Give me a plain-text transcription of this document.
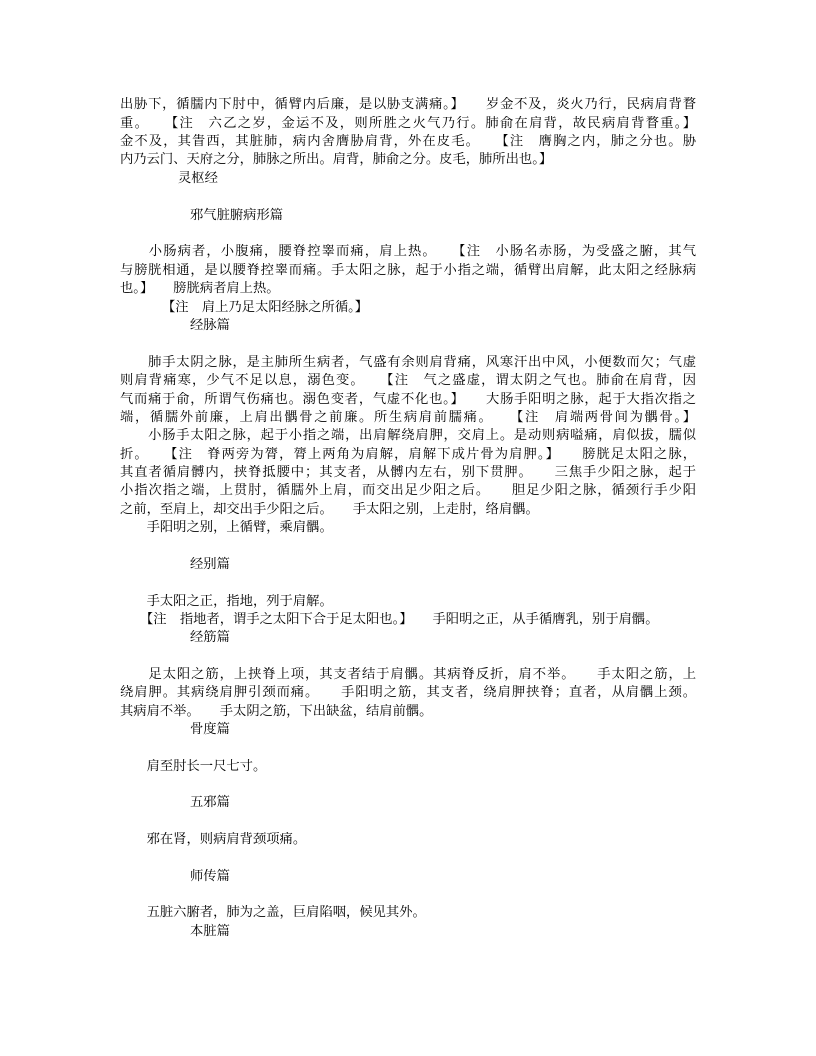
出胁下，循臑内下肘中，循臂内后廉，是以胁支满痛。】　　岁金不及，炎火乃行，民病肩背瞀
重。　　【注　六乙之岁，金运不及，则所胜之火气乃行。肺俞在肩背，故民病肩背瞀重。】
金不及，其眚西，其脏肺，病内舍膺胁肩背，外在皮毛。　　【注　膺胸之内，肺之分也。胁
内乃云门、天府之分，肺脉之所出。肩背，肺俞之分。皮毛，肺所出也。】
灵枢经
邪气脏腑病形篇
　　小肠病者，小腹痛，腰脊控睾而痛，肩上热。　　【注　小肠名赤肠，为受盛之腑，其气
与膀胱相通，是以腰脊控睾而痛。手太阳之脉，起于小指之端，循臂出肩解，此太阳之经脉病
也。】　　膀胱病者肩上热。
【注　肩上乃足太阳经脉之所循。】
经脉篇
　　肺手太阴之脉，是主肺所生病者，气盛有余则肩背痛，风寒汗出中风，小便数而欠；气虚
则肩背痛寒，少气不足以息，溺色变。　　【注　气之盛虚，谓太阴之气也。肺俞在肩背，因
气而痛于俞，所谓气伤痛也。溺色变者，气虚不化也。】　　大肠手阳明之脉，起于大指次指之
端，循臑外前廉，上肩出髃骨之前廉。所生病肩前臑痛。　　【注　肩端两骨间为髃骨。】
　　小肠手太阳之脉，起于小指之端，出肩解绕肩胛，交肩上。是动则病嗌痛，肩似拔，臑似
折。　　【注　脊两旁为膂，膂上两角为肩解，肩解下成片骨为肩胛。】　　膀胱足太阳之脉，
其直者循肩髆内，挟脊抵腰中；其支者，从髆内左右，别下贯胛。　　三焦手少阳之脉，起于
小指次指之端，上贯肘，循臑外上肩，而交出足少阳之后。　　胆足少阳之脉，循颈行手少阳
之前，至肩上，却交出手少阳之后。　　手太阳之别，上走肘，络肩髃。
　　手阳明之别，上循臂，乘肩髃。
经别篇
　　手太阳之正，指地，列于肩解。
　　【注　指地者，谓手之太阳下合于足太阳也。】　　手阳明之正，从手循膺乳，别于肩髃。
经筋篇
　　足太阳之筋，上挟脊上项，其支者结于肩髃。其病脊反折，肩不举。　　手太阳之筋，上
绕肩胛。其病绕肩胛引颈而痛。　　手阳明之筋，其支者，绕肩胛挟脊；直者，从肩髃上颈。
其病肩不举。　　手太阴之筋，下出缺盆，结肩前髃。
骨度篇
　　肩至肘长一尺七寸。
五邪篇
　　邪在肾，则病肩背颈项痛。
师传篇
　　五脏六腑者，肺为之盖，巨肩陷咽，候见其外。
本脏篇
